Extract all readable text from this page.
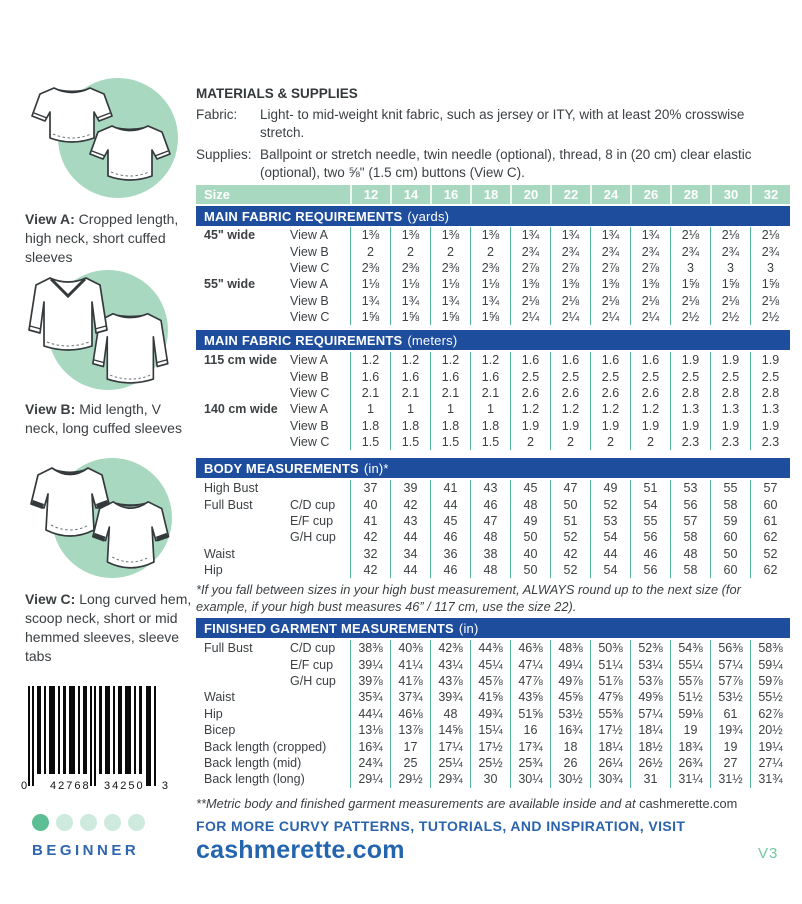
View A: Cropped length, high neck, short cuffed sleeves
View B: Mid length, V neck, long cuffed sleeves
View C: Long curved hem, scoop neck, short or mid hemmed sleeves, sleeve tabs
0 42768 34250 3
BEGINNER
MATERIALS & SUPPLIES
Fabric:	Light- to mid-weight knit fabric, such as jersey or ITY, with at least 20% crosswise stretch.
Supplies: Ballpoint or stretch needle, twin needle (optional), thread, 8 in (20 cm) clear elastic (optional), two ⅝" (1.5 cm) buttons (View C).
Size	12	14	16	18	20	22	24	26	28	30	32
MAIN FABRIC REQUIREMENTS (yards)
45" wide	View A	1⅜	1⅜	1⅜	1⅜	1¾	1¾	1¾	1¾	2⅛	2⅛	2⅛
View B	2	2	2	2	2¾	2¾	2¾	2¾	2¾	2¾	2¾
View C	2⅜	2⅜	2⅜	2⅜	2⅞	2⅞	2⅞	2⅞	3	3	3
55" wide	View A	1⅛	1⅛	1⅛	1⅛	1⅜	1⅜	1⅜	1⅜	1⅝	1⅝	1⅝
View B	1¾	1¾	1¾	1¾	2⅛	2⅛	2⅛	2⅛	2⅛	2⅛	2⅛
View C	1⅝	1⅝	1⅝	1⅝	2¼	2¼	2¼	2¼	2½	2½	2½
MAIN FABRIC REQUIREMENTS (meters)
115 cm wide	View A	1.2	1.2	1.2	1.2	1.6	1.6	1.6	1.6	1.9	1.9	1.9
View B	1.6	1.6	1.6	1.6	2.5	2.5	2.5	2.5	2.5	2.5	2.5
View C	2.1	2.1	2.1	2.1	2.6	2.6	2.6	2.6	2.8	2.8	2.8
140 cm wide View A	1	1	1	1	1.2	1.2	1.2	1.2	1.3	1.3	1.3
View B	1.8	1.8	1.8	1.8	1.9	1.9	1.9	1.9	1.9	1.9	1.9
View C	1.5	1.5	1.5	1.5	2	2	2	2	2.3	2.3	2.3
BODY MEASUREMENTS (in)*
High Bust	37	39	41	43	45	47	49	51	53	55	57
Full Bust	C/D cup	40	42	44	46	48	50	52	54	56	58	60
E/F cup	41	43	45	47	49	51	53	55	57	59	61
G/H cup	42	44	46	48	50	52	54	56	58	60	62
Waist	32	34	36	38	40	42	44	46	48	50	52
Hip	42	44	46	48	50	52	54	56	58	60	62
*If you fall between sizes in your high bust measurement, ALWAYS round up to the next size (for example, if your high bust measures 46” / 117 cm, use the size 22).
FINISHED GARMENT MEASUREMENTS (in)
Full Bust	C/D cup	38⅜	40⅜	42⅜	44⅜	46⅜	48⅜	50⅜	52⅜	54⅜	56⅜	58⅜
E/F cup	39¼	41¼	43¼	45¼	47¼	49¼	51¼	53¼	55¼	57¼	59¼
G/H cup	39⅞	41⅞	43⅞	45⅞	47⅞	49⅞	51⅞	53⅞	55⅞	57⅞	59⅞
Waist	35¾	37¾	39¾	41⅝	43⅝	45⅝	47⅝	49⅝	51½	53½	55½
Hip	44¼	46⅛	48	49¾	51⅝	53½	55⅜	57¼	59⅛	61	62⅞
Bicep	13⅛	13⅞	14⅝	15¼	16	16¾	17½	18¼	19	19¾	20½
Back length (cropped)	16¾	17	17¼	17½	17¾	18	18¼	18½	18¾	19	19¼
Back length (mid)	24¾	25	25¼	25½	25¾	26	26¼	26½	26¾	27	27¼
Back length (long)	29¼	29½	29¾	30	30¼	30½	30¾	31	31¼	31½	31¾
**Metric body and finished garment measurements are available inside and at cashmerette.com
FOR MORE CURVY PATTERNS, TUTORIALS, AND INSPIRATION, VISIT
cashmerette.com	V3
